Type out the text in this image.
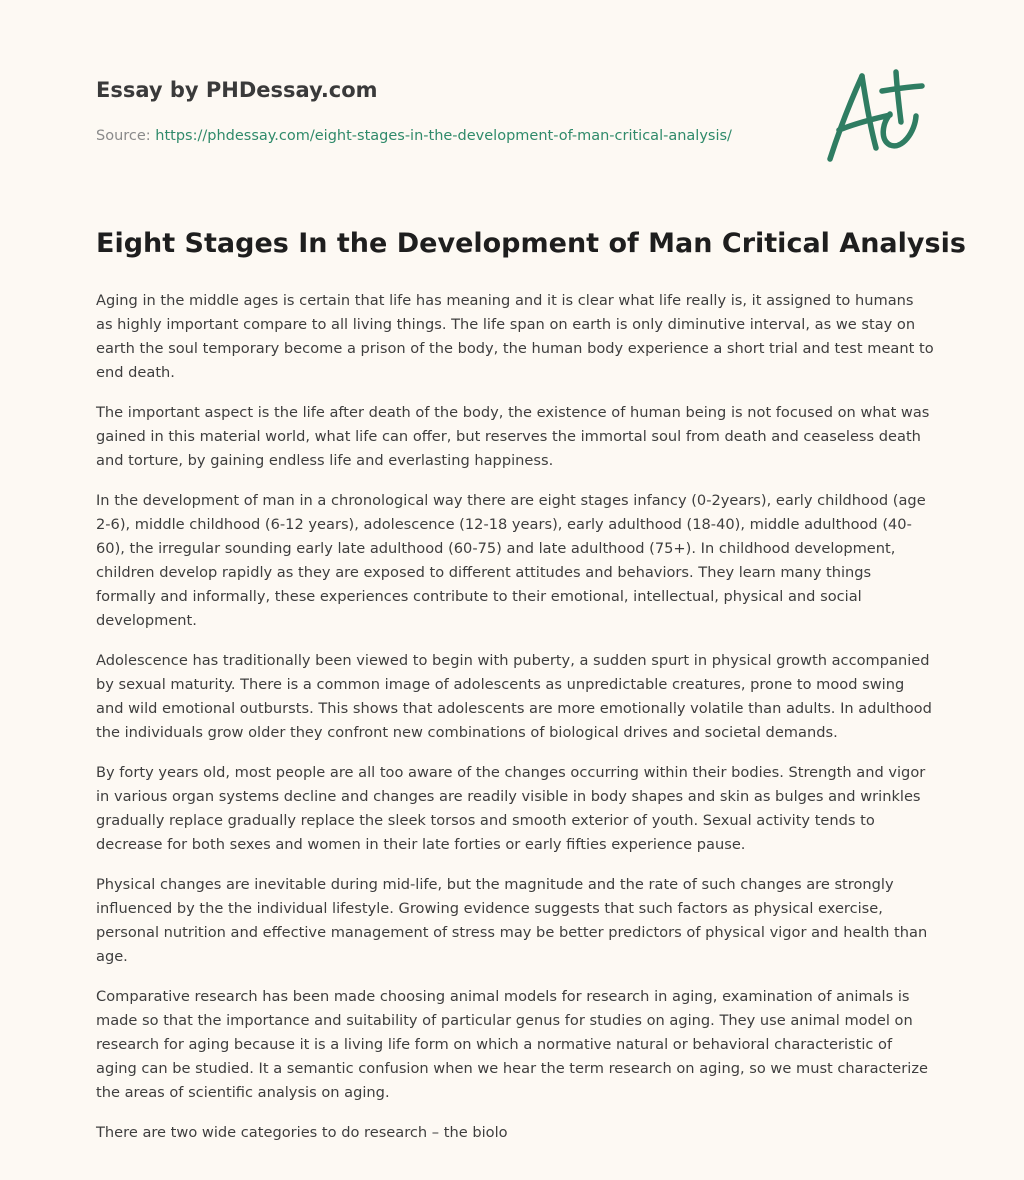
Essay by PHDessay.com
Source: https://phdessay.com/eight-stages-in-the-development-of-man-critical-analysis/
Eight Stages In the Development of Man Critical Analysis

Aging in the middle ages is certain that life has meaning and it is clear what life really is, it assigned to humans as highly important compare to all living things. The life span on earth is only diminutive interval, as we stay on earth the soul temporary become a prison of the body, the human body experience a short trial and test meant to end death.

The important aspect is the life after death of the body, the existence of human being is not focused on what was gained in this material world, what life can offer, but reserves the immortal soul from death and ceaseless death and torture, by gaining endless life and everlasting happiness.

In the development of man in a chronological way there are eight stages infancy (0-2years), early childhood (age 2-6), middle childhood (6-12 years), adolescence (12-18 years), early adulthood (18-40), middle adulthood (40-60), the irregular sounding early late adulthood (60-75) and late adulthood (75+). In childhood development, children develop rapidly as they are exposed to different attitudes and behaviors. They learn many things formally and informally, these experiences contribute to their emotional, intellectual, physical and social development.

Adolescence has traditionally been viewed to begin with puberty, a sudden spurt in physical growth accompanied by sexual maturity. There is a common image of adolescents as unpredictable creatures, prone to mood swing and wild emotional outbursts. This shows that adolescents are more emotionally volatile than adults. In adulthood the individuals grow older they confront new combinations of biological drives and societal demands.

By forty years old, most people are all too aware of the changes occurring within their bodies. Strength and vigor in various organ systems decline and changes are readily visible in body shapes and skin as bulges and wrinkles gradually replace gradually replace the sleek torsos and smooth exterior of youth. Sexual activity tends to decrease for both sexes and women in their late forties or early fifties experience pause.

Physical changes are inevitable during mid-life, but the magnitude and the rate of such changes are strongly influenced by the the individual lifestyle. Growing evidence suggests that such factors as physical exercise, personal nutrition and effective management of stress may be better predictors of physical vigor and health than age.

Comparative research has been made choosing animal models for research in aging, examination of animals is made so that the importance and suitability of particular genus for studies on aging. They use animal model on research for aging because it is a living life form on which a normative natural or behavioral characteristic of aging can be studied. It a semantic confusion when we hear the term research on aging, so we must characterize the areas of scientific analysis on aging.

There are two wide categories to do research – the biolo
